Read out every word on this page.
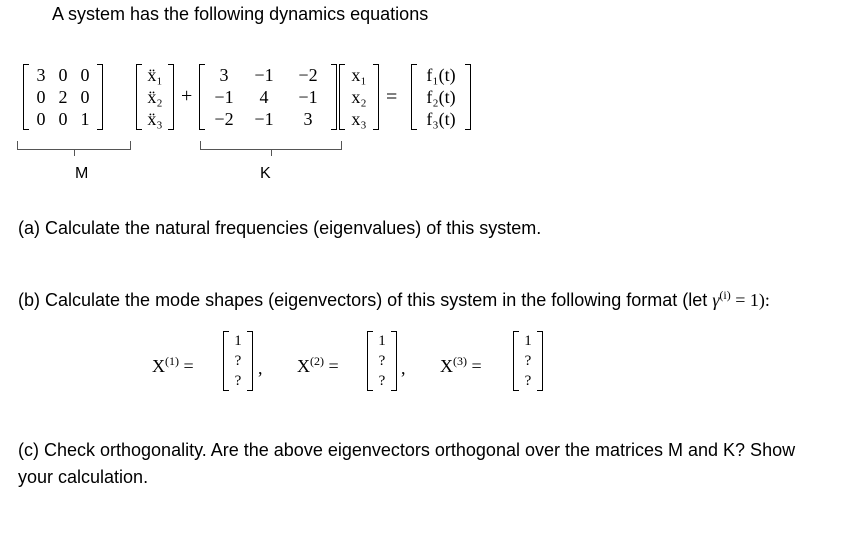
A system has the following dynamics equations
3 0 0
0 2 0
0 0 1
ẍ₁
ẍ₂
ẍ₃
+
3	−1	−2
−1	4	−1
−2	−1	3
x₁
x₂
x₃
=
f₁(t)
f₂(t)
f₃(t)
M	K
(a) Calculate the natural frequencies (eigenvalues) of this system.
(b) Calculate the mode shapes (eigenvectors) of this system in the following format (let $\gamma^{(i)} = 1$):
$X^{(1)}$ =
1
?
?
, $X^{(2)}$ =
1
?
?
, $X^{(3)}$ =
1
?
?
(c) Check orthogonality. Are the above eigenvectors orthogonal over the matrices M and K? Show
your calculation.
